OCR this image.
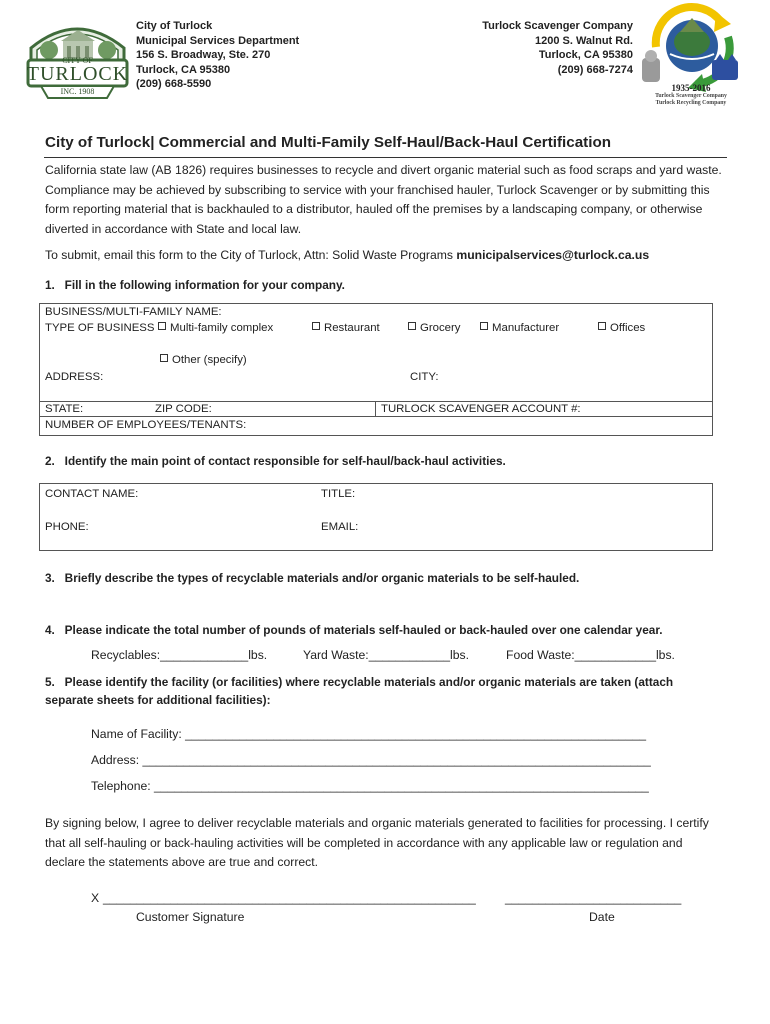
CITY OF
TURLOCK
INC. 1908
City of Turlock
Municipal Services Department
156 S. Broadway, Ste. 270
Turlock, CA 95380
(209) 668-5590
Turlock Scavenger Company
1200 S. Walnut Rd.
Turlock, CA 95380
(209) 668-7274
1935-2016
Turlock Scavenger Company
Turlock Recycling Company
City of Turlock| Commercial and Multi-Family Self-Haul/Back-Haul Certification
California state law (AB 1826) requires businesses to recycle and divert organic material such as food scraps and yard waste. Compliance may be achieved by subscribing to service with your franchised hauler, Turlock Scavenger or by submitting this form reporting material that is backhauled to a distributor, hauled off the premises by a landscaping company, or otherwise diverted in accordance with State and local law.
To submit, email this form to the City of Turlock, Attn: Solid Waste Programs municipalservices@turlock.ca.us
1.   Fill in the following information for your company.
BUSINESS/MULTI-FAMILY NAME:
TYPE OF BUSINESS	Multi-family complex	Restaurant	Grocery	Manufacturer	Offices
Other (specify)
ADDRESS:	CITY:
STATE:	ZIP CODE:	TURLOCK SCAVENGER ACCOUNT #:
NUMBER OF EMPLOYEES/TENANTS:
2.   Identify the main point of contact responsible for self-haul/back-haul activities.
CONTACT NAME:	TITLE:
PHONE:	EMAIL:
3.   Briefly describe the types of recyclable materials and/or organic materials to be self-hauled.
4.   Please indicate the total number of pounds of materials self-hauled or back-hauled over one calendar year.
Recyclables:_____________lbs.	Yard Waste:____________lbs.	Food Waste:____________lbs.
5.   Please identify the facility (or facilities) where recyclable materials and/or organic materials are taken (attach separate sheets for additional facilities):
Name of Facility: ____________________________________________________________________
Address: ___________________________________________________________________________
Telephone: _________________________________________________________________________
By signing below, I agree to deliver recyclable materials and organic materials generated to facilities for processing. I certify that all self-hauling or back-hauling activities will be completed in accordance with any applicable law or regulation and declare the statements above are true and correct.
X _______________________________________________________ __________________________
Customer Signature	Date
